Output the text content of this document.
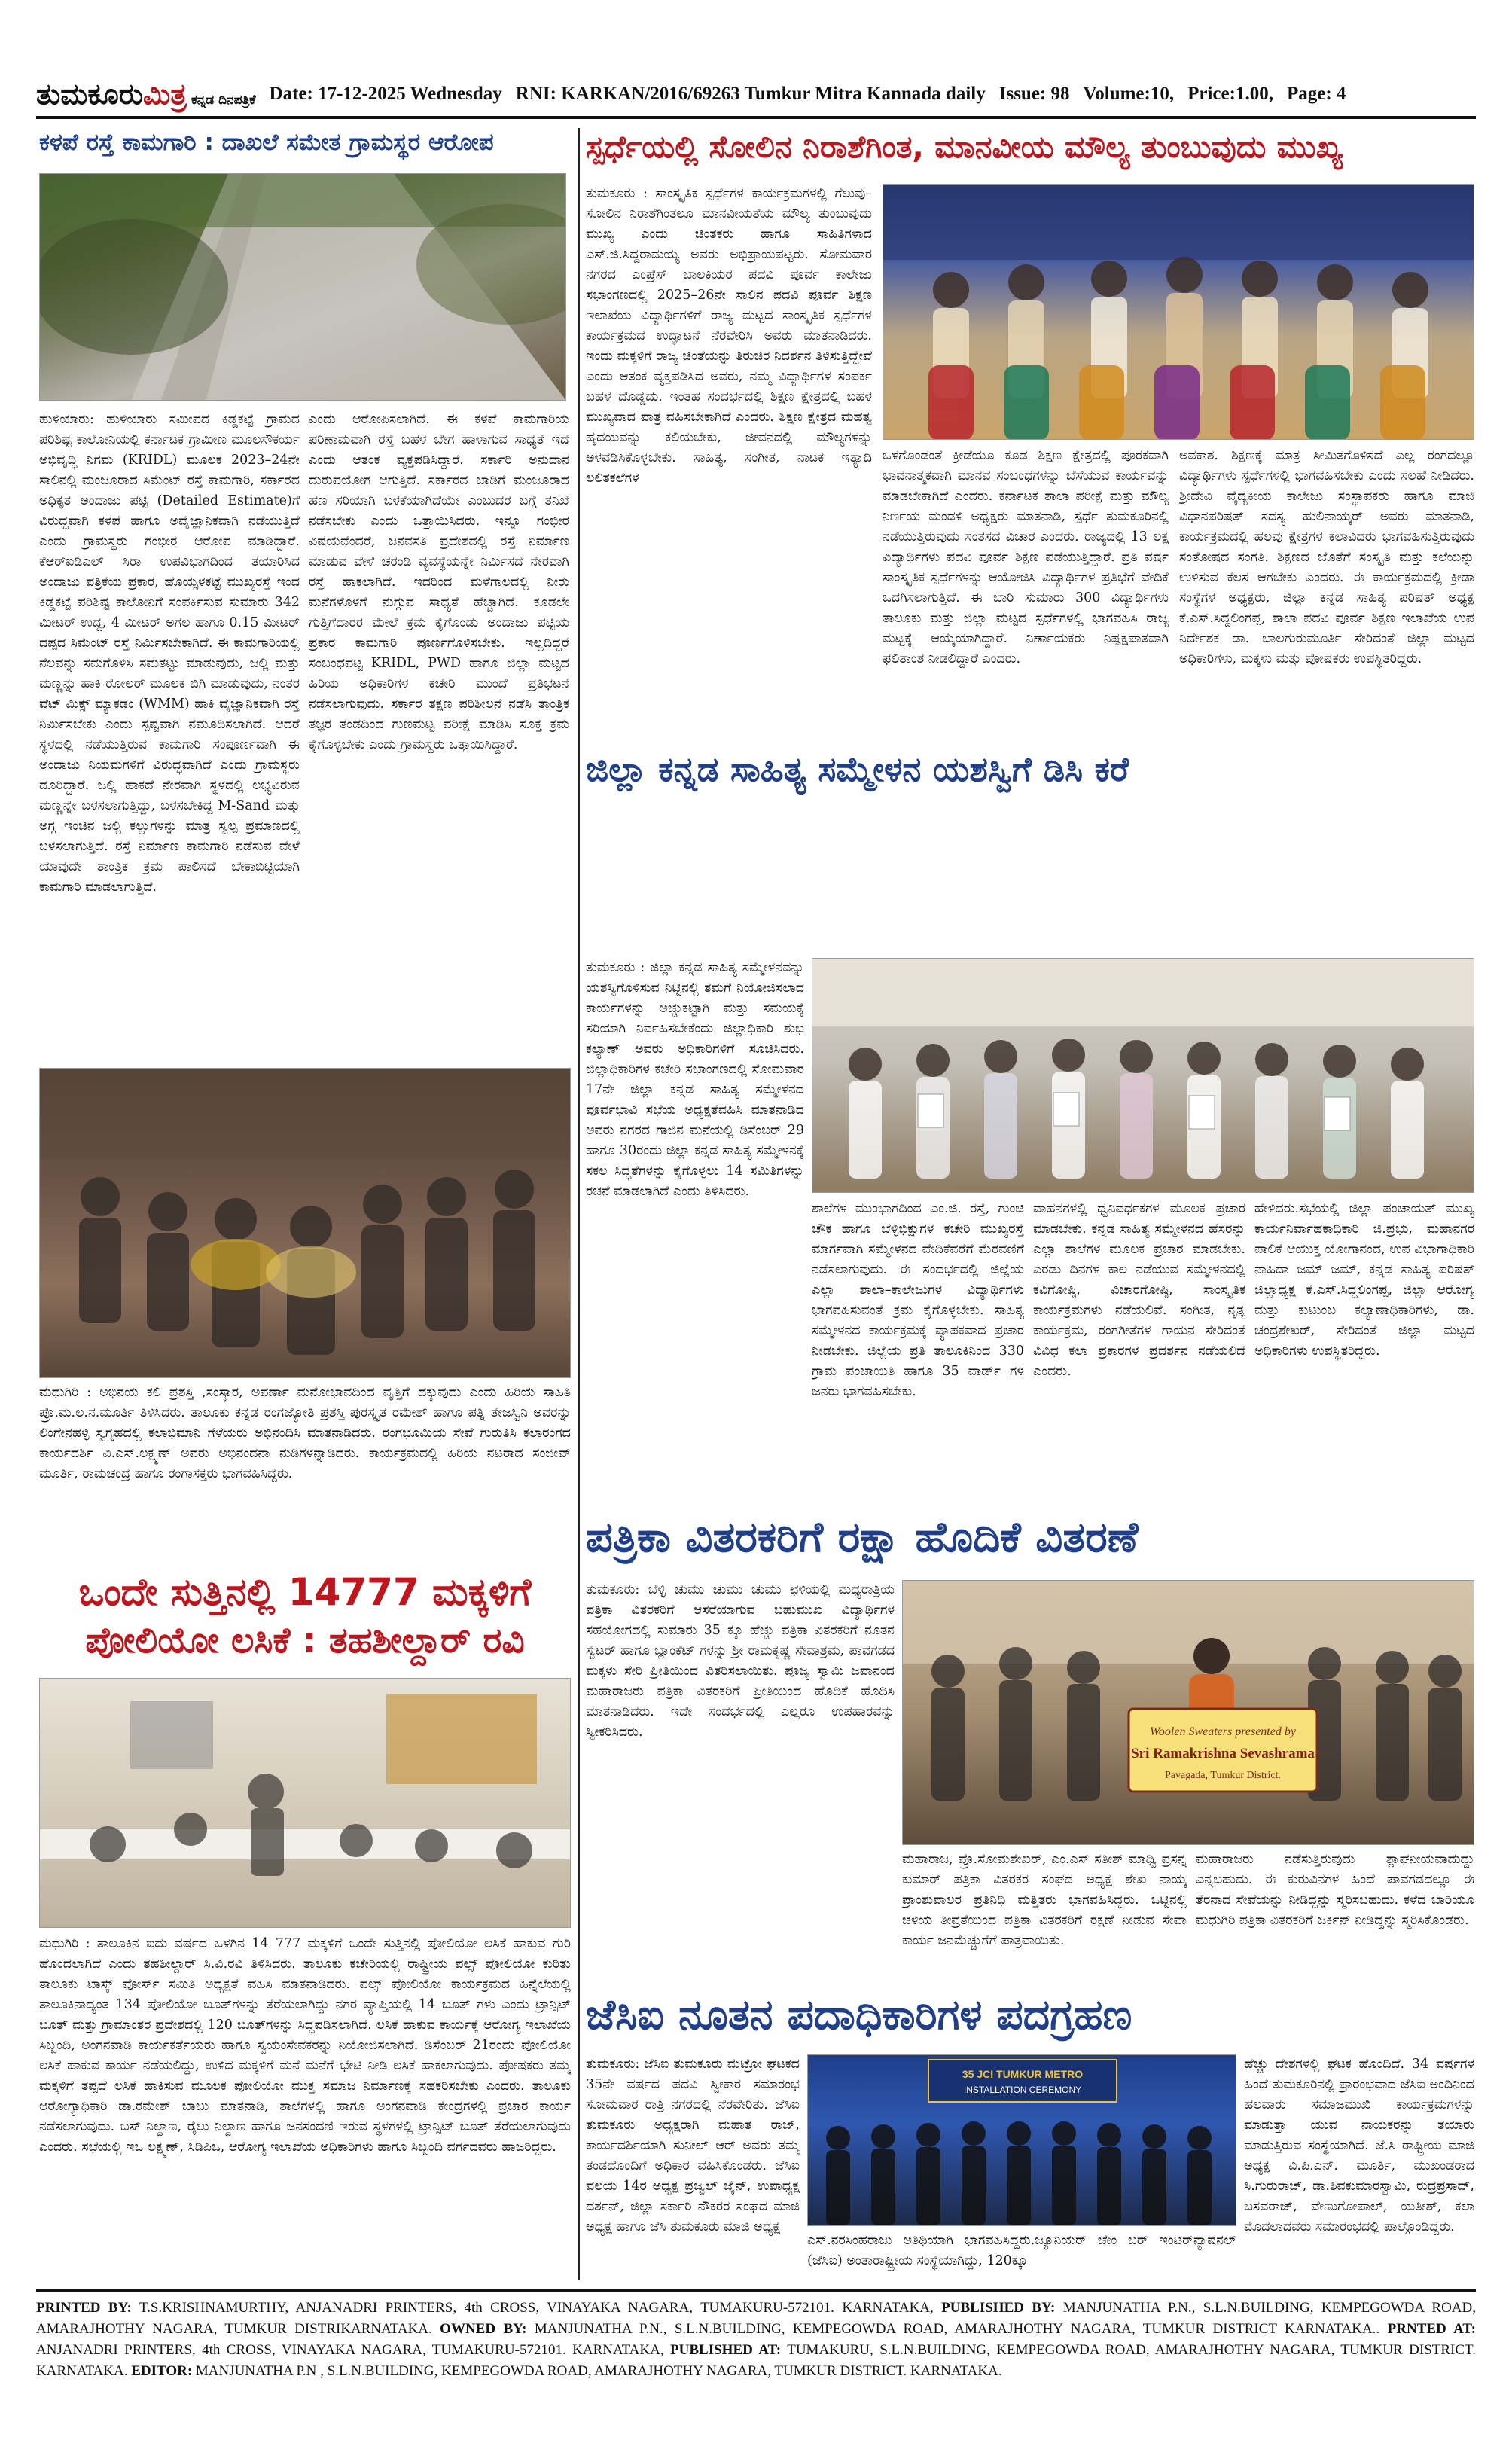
ತುಮಕೂರುಮಿತ್ರ ಕನ್ನಡ ದಿನಪತ್ರಿಕೆ Date: 17-12-2025 Wednesday RNI: KARKAN/2016/69263 Tumkur Mitra Kannada daily Issue: 98 Volume:10, Price:1.00, Page: 4
ಕಳಪೆ ರಸ್ತೆ ಕಾಮಗಾರಿ : ದಾಖಲೆ ಸಮೇತ ಗ್ರಾಮಸ್ಥರ ಆರೋಪ
ಹುಳಿಯಾರು: ಹುಳಿಯಾರು ಸಮೀಪದ ಕಿಡ್ಡಕಟ್ಟೆ ಗ್ರಾಮದ ಪರಿಶಿಷ್ಟ ಕಾಲೋನಿಯಲ್ಲಿ ಕರ್ನಾಟಕ ಗ್ರಾಮೀಣ ಮೂಲಸೌಕರ್ಯ ಅಭಿವೃದ್ಧಿ ನಿಗಮ (KRIDL) ಮೂಲಕ 2023–24ನೇ ಸಾಲಿನಲ್ಲಿ ಮಂಜೂರಾದ ಸಿಮೆಂಟ್ ರಸ್ತೆ ಕಾಮಗಾರಿ, ಸರ್ಕಾರದ ಅಧಿಕೃತ ಅಂದಾಜು ಪಟ್ಟಿ (Detailed Estimate)ಗೆ ವಿರುದ್ಧವಾಗಿ ಕಳಪೆ ಹಾಗೂ ಅವೈಜ್ಞಾನಿಕವಾಗಿ ನಡೆಯುತ್ತಿದೆ ಎಂದು ಗ್ರಾಮಸ್ಥರು ಗಂಭೀರ ಆರೋಪ ಮಾಡಿದ್ದಾರೆ. ಕೆಆರ್‌ಐಡಿಎಲ್ ಸಿರಾ ಉಪವಿಭಾಗದಿಂದ ತಯಾರಿಸಿದ ಅಂದಾಜು ಪತ್ರಿಕೆಯ ಪ್ರಕಾರ, ಹೊಯ್ಸಳಕಟ್ಟೆ ಮುಖ್ಯರಸ್ತೆ ಇಂದ ಕಿಡ್ಡಕಟ್ಟೆ ಪರಿಶಿಷ್ಟ ಕಾಲೋನಿಗೆ ಸಂಪರ್ಕಿಸುವ ಸುಮಾರು 342 ಮೀಟರ್ ಉದ್ದ, 4 ಮೀಟರ್ ಅಗಲ ಹಾಗೂ 0.15 ಮೀಟರ್ ದಪ್ಪದ ಸಿಮೆಂಟ್ ರಸ್ತೆ ನಿರ್ಮಿಸಬೇಕಾಗಿದೆ. ಈ ಕಾಮಗಾರಿಯಲ್ಲಿ ನೆಲವನ್ನು ಸಮಗೊಳಿಸಿ ಸಮತಟ್ಟು ಮಾಡುವುದು, ಜಲ್ಲಿ ಮತ್ತು ಮಣ್ಣನ್ನು ಹಾಕಿ ರೋಲರ್ ಮೂಲಕ ಬಿಗಿ ಮಾಡುವುದು, ನಂತರ ವೆಟ್ ಮಿಕ್ಸ್ ಮ್ಯಾಕಡಂ (WMM) ಹಾಕಿ ವೈಜ್ಞಾನಿಕವಾಗಿ ರಸ್ತೆ ನಿರ್ಮಿಸಬೇಕು ಎಂದು ಸ್ಪಷ್ಟವಾಗಿ ನಮೂದಿಸಲಾಗಿದೆ. ಆದರೆ ಸ್ಥಳದಲ್ಲಿ ನಡೆಯುತ್ತಿರುವ ಕಾಮಗಾರಿ ಸಂಪೂರ್ಣವಾಗಿ ಈ ಅಂದಾಜು ನಿಯಮಗಳಿಗೆ ವಿರುದ್ಧವಾಗಿದೆ ಎಂದು ಗ್ರಾಮಸ್ಥರು ದೂರಿದ್ದಾರೆ. ಜಲ್ಲಿ ಹಾಕದೆ ನೇರವಾಗಿ ಸ್ಥಳದಲ್ಲಿ ಲಭ್ಯವಿರುವ ಮಣ್ಣನ್ನೇ ಬಳಸಲಾಗುತ್ತಿದ್ದು, ಬಳಸಬೇಕಿದ್ದ M-Sand ಮತ್ತು ಅಗ್ಗ ಇಂಚಿನ ಜಲ್ಲಿ ಕಲ್ಲುಗಳನ್ನು ಮಾತ್ರ ಸ್ವಲ್ಪ ಪ್ರಮಾಣದಲ್ಲಿ ಬಳಸಲಾಗುತ್ತಿದೆ. ರಸ್ತೆ ನಿರ್ಮಾಣ ಕಾಮಗಾರಿ ನಡೆಸುವ ವೇಳೆ ಯಾವುದೇ ತಾಂತ್ರಿಕ ಕ್ರಮ ಪಾಲಿಸದೆ ಬೇಕಾಬಿಟ್ಟಿಯಾಗಿ ಕಾಮಗಾರಿ ಮಾಡಲಾಗುತ್ತಿದೆ.
ಎಂದು ಆರೋಪಿಸಲಾಗಿದೆ. ಈ ಕಳಪೆ ಕಾಮಗಾರಿಯ ಪರಿಣಾಮವಾಗಿ ರಸ್ತೆ ಬಹಳ ಬೇಗ ಹಾಳಾಗುವ ಸಾಧ್ಯತೆ ಇದೆ ಎಂದು ಆತಂಕ ವ್ಯಕ್ತಪಡಿಸಿದ್ದಾರೆ. ಸರ್ಕಾರಿ ಅನುದಾನ ದುರುಪಯೋಗ ಆಗುತ್ತಿದೆ. ಸರ್ಕಾರದ ಬಾಡಿಗೆ ಮಂಜೂರಾದ ಹಣ ಸರಿಯಾಗಿ ಬಳಕೆಯಾಗಿದೆಯೇ ಎಂಬುದರ ಬಗ್ಗೆ ತನಿಖೆ ನಡೆಸಬೇಕು ಎಂದು ಒತ್ತಾಯಿಸಿದರು. ಇನ್ನೂ ಗಂಭೀರ ವಿಷಯವೆಂದರೆ, ಜನವಸತಿ ಪ್ರದೇಶದಲ್ಲಿ ರಸ್ತೆ ನಿರ್ಮಾಣ ಮಾಡುವ ವೇಳೆ ಚರಂಡಿ ವ್ಯವಸ್ಥೆಯನ್ನೇ ನಿರ್ಮಿಸದೆ ನೇರವಾಗಿ ರಸ್ತೆ ಹಾಕಲಾಗಿದೆ. ಇದರಿಂದ ಮಳೆಗಾಲದಲ್ಲಿ ನೀರು ಮನೆಗಳೊಳಗೆ ನುಗ್ಗುವ ಸಾಧ್ಯತೆ ಹೆಚ್ಚಾಗಿದೆ. ಕೂಡಲೇ ಗುತ್ತಿಗೆದಾರರ ಮೇಲೆ ಕ್ರಮ ಕೈಗೊಂಡು ಅಂದಾಜು ಪಟ್ಟಿಯ ಪ್ರಕಾರ ಕಾಮಗಾರಿ ಪೂರ್ಣಗೊಳಿಸಬೇಕು. ಇಲ್ಲದಿದ್ದರೆ ಸಂಬಂಧಪಟ್ಟ KRIDL, PWD ಹಾಗೂ ಜಿಲ್ಲಾ ಮಟ್ಟದ ಹಿರಿಯ ಅಧಿಕಾರಿಗಳ ಕಚೇರಿ ಮುಂದೆ ಪ್ರತಿಭಟನೆ ನಡೆಸಲಾಗುವುದು. ಸರ್ಕಾರ ತಕ್ಷಣ ಪರಿಶೀಲನೆ ನಡೆಸಿ ತಾಂತ್ರಿಕ ತಜ್ಞರ ತಂಡದಿಂದ ಗುಣಮಟ್ಟ ಪರೀಕ್ಷೆ ಮಾಡಿಸಿ ಸೂಕ್ತ ಕ್ರಮ ಕೈಗೊಳ್ಳಬೇಕು ಎಂದು ಗ್ರಾಮಸ್ಥರು ಒತ್ತಾಯಿಸಿದ್ದಾರೆ.
ಮಧುಗಿರಿ : ಅಭಿನಯ ಕಲಿ ಪ್ರಶಸ್ತಿ ,ಸಂಸ್ಕಾರ, ಅಪರ್ಣಾ ಮನೋಭಾವದಿಂದ ವೃತ್ತಿಗೆ ದಕ್ಕುವುದು ಎಂದು ಹಿರಿಯ ಸಾಹಿತಿ ಪ್ರೊ.ಮ.ಲ.ನ.ಮೂರ್ತಿ ತಿಳಿಸಿದರು. ತಾಲೂಕು ಕನ್ನಡ ರಂಗಜ್ಯೋತಿ ಪ್ರಶಸ್ತಿ ಪುರಸ್ಕೃತ ರಮೇಶ್ ಹಾಗೂ ಪತ್ನಿ ತೇಜಸ್ವಿನಿ ಅವರನ್ನು ಲಿಂಗೇನಹಳ್ಳಿ ಸ್ವಗೃಹದಲ್ಲಿ ಕಲಾಭಿಮಾನಿ ಗೆಳೆಯರು ಅಭಿನಂದಿಸಿ ಮಾತನಾಡಿದರು. ರಂಗಭೂಮಿಯ ಸೇವೆ ಗುರುತಿಸಿ ಕಲಾರಂಗದ ಕಾರ್ಯದರ್ಶಿ ವಿ.ಎಸ್.ಲಕ್ಷ್ಮಣ್ ಅವರು ಅಭಿನಂದನಾ ನುಡಿಗಳನ್ನಾಡಿದರು. ಕಾರ್ಯಕ್ರಮದಲ್ಲಿ ಹಿರಿಯ ನಟರಾದ ಸಂಜೀವ್ ಮೂರ್ತಿ, ರಾಮಚಂದ್ರ ಹಾಗೂ ರಂಗಾಸಕ್ತರು ಭಾಗವಹಿಸಿದ್ದರು.
ಒಂದೇ ಸುತ್ತಿನಲ್ಲಿ 14777 ಮಕ್ಕಳಿಗೆ
ಪೋಲಿಯೋ ಲಸಿಕೆ : ತಹಶೀಲ್ದಾರ್ ರವಿ
ಮಧುಗಿರಿ : ತಾಲೂಕಿನ ಐದು ವರ್ಷದ ಒಳಗಿನ 14 777 ಮಕ್ಕಳಿಗೆ ಒಂದೇ ಸುತ್ತಿನಲ್ಲಿ ಪೋಲಿಯೋ ಲಸಿಕೆ ಹಾಕುವ ಗುರಿ ಹೊಂದಲಾಗಿದೆ ಎಂದು ತಹಶೀಲ್ದಾರ್ ಸಿ.ವಿ.ರವಿ ತಿಳಿಸಿದರು. ತಾಲೂಕು ಕಚೇರಿಯಲ್ಲಿ ರಾಷ್ಟ್ರೀಯ ಪಲ್ಸ್ ಪೋಲಿಯೋ ಕುರಿತು ತಾಲೂಕು ಟಾಸ್ಕ್ ಫೋರ್ಸ್ ಸಮಿತಿ ಅಧ್ಯಕ್ಷತೆ ವಹಿಸಿ ಮಾತನಾಡಿದರು. ಪಲ್ಸ್ ಪೋಲಿಯೋ ಕಾರ್ಯಕ್ರಮದ ಹಿನ್ನೆಲೆಯಲ್ಲಿ ತಾಲೂಕಿನಾದ್ಯಂತ 134 ಪೋಲಿಯೋ ಬೂತ್‌ಗಳನ್ನು ತೆರೆಯಲಾಗಿದ್ದು ನಗರ ವ್ಯಾಪ್ತಿಯಲ್ಲಿ 14 ಬೂತ್ ಗಳು ಎಂದು ಟ್ರಾನ್ಸಿಟ್ ಬೂತ್ ಮತ್ತು ಗ್ರಾಮಾಂತರ ಪ್ರದೇಶದಲ್ಲಿ 120 ಬೂತ್‌ಗಳನ್ನು ಸಿದ್ಧಪಡಿಸಲಾಗಿದೆ. ಲಸಿಕೆ ಹಾಕುವ ಕಾರ್ಯಕ್ಕೆ ಆರೋಗ್ಯ ಇಲಾಖೆಯ ಸಿಬ್ಬಂದಿ, ಅಂಗನವಾಡಿ ಕಾರ್ಯಕರ್ತೆಯರು ಹಾಗೂ ಸ್ವಯಂಸೇವಕರನ್ನು ನಿಯೋಜಿಸಲಾಗಿದೆ. ಡಿಸೆಂಬರ್ 21ರಂದು ಪೋಲಿಯೋ ಲಸಿಕೆ ಹಾಕುವ ಕಾರ್ಯ ನಡೆಯಲಿದ್ದು, ಉಳಿದ ಮಕ್ಕಳಿಗೆ ಮನೆ ಮನೆಗೆ ಭೇಟಿ ನೀಡಿ ಲಸಿಕೆ ಹಾಕಲಾಗುವುದು. ಪೋಷಕರು ತಮ್ಮ ಮಕ್ಕಳಿಗೆ ತಪ್ಪದೆ ಲಸಿಕೆ ಹಾಕಿಸುವ ಮೂಲಕ ಪೋಲಿಯೋ ಮುಕ್ತ ಸಮಾಜ ನಿರ್ಮಾಣಕ್ಕೆ ಸಹಕರಿಸಬೇಕು ಎಂದರು. ತಾಲೂಕು ಆರೋಗ್ಯಾಧಿಕಾರಿ ಡಾ.ರಮೇಶ್ ಬಾಬು ಮಾತನಾಡಿ, ಶಾಲೆಗಳಲ್ಲಿ ಹಾಗೂ ಅಂಗನವಾಡಿ ಕೇಂದ್ರಗಳಲ್ಲಿ ಪ್ರಚಾರ ಕಾರ್ಯ ನಡೆಸಲಾಗುವುದು. ಬಸ್ ನಿಲ್ದಾಣ, ರೈಲು ನಿಲ್ದಾಣ ಹಾಗೂ ಜನಸಂದಣಿ ಇರುವ ಸ್ಥಳಗಳಲ್ಲಿ ಟ್ರಾನ್ಸಿಟ್ ಬೂತ್ ತೆರೆಯಲಾಗುವುದು ಎಂದರು. ಸಭೆಯಲ್ಲಿ ಇಒ ಲಕ್ಷ್ಮಣ್, ಸಿಡಿಪಿಒ, ಆರೋಗ್ಯ ಇಲಾಖೆಯ ಅಧಿಕಾರಿಗಳು ಹಾಗೂ ಸಿಬ್ಬಂದಿ ವರ್ಗದವರು ಹಾಜರಿದ್ದರು.
ಸ್ಪರ್ಧೆಯಲ್ಲಿ ಸೋಲಿನ ನಿರಾಶೆಗಿಂತ, ಮಾನವೀಯ ಮೌಲ್ಯ ತುಂಬುವುದು ಮುಖ್ಯ
ತುಮಕೂರು : ಸಾಂಸ್ಕೃತಿಕ ಸ್ಪರ್ಧೆಗಳ ಕಾರ್ಯಕ್ರಮಗಳಲ್ಲಿ ಗೆಲುವು–ಸೋಲಿನ ನಿರಾಶೆಗಿಂತಲೂ ಮಾನವೀಯತೆಯ ಮೌಲ್ಯ ತುಂಬುವುದು ಮುಖ್ಯ ಎಂದು ಚಿಂತಕರು ಹಾಗೂ ಸಾಹಿತಿಗಳಾದ ಎಸ್.ಜಿ.ಸಿದ್ದರಾಮಯ್ಯ ಅವರು ಅಭಿಪ್ರಾಯಪಟ್ಟರು. ಸೋಮವಾರ ನಗರದ ಎಂಪ್ರೆಸ್ ಬಾಲಕಿಯರ ಪದವಿ ಪೂರ್ವ ಕಾಲೇಜು ಸಭಾಂಗಣದಲ್ಲಿ 2025–26ನೇ ಸಾಲಿನ ಪದವಿ ಪೂರ್ವ ಶಿಕ್ಷಣ ಇಲಾಖೆಯ ವಿದ್ಯಾರ್ಥಿಗಳಿಗೆ ರಾಜ್ಯ ಮಟ್ಟದ ಸಾಂಸ್ಕೃತಿಕ ಸ್ಪರ್ಧೆಗಳ ಕಾರ್ಯಕ್ರಮದ ಉದ್ಘಾಟನೆ ನೆರವೇರಿಸಿ ಅವರು ಮಾತನಾಡಿದರು. ಇಂದು ಮಕ್ಕಳಿಗೆ ರಾಜ್ಯ ಚಿಂತೆಯನ್ನು ತಿರುಚಿರ ನಿದರ್ಶನ ತಿಳಿಸುತ್ತಿದ್ದೇವೆ ಎಂದು ಆತಂಕ ವ್ಯಕ್ತಪಡಿಸಿದ ಅವರು, ನಮ್ಮ ವಿದ್ಯಾರ್ಥಿಗಳ ಸಂಪರ್ಕ ಬಹಳ ದೊಡ್ಡದು. ಇಂತಹ ಸಂದರ್ಭದಲ್ಲಿ ಶಿಕ್ಷಣ ಕ್ಷೇತ್ರದಲ್ಲಿ ಬಹಳ ಮುಖ್ಯವಾದ ಪಾತ್ರ ವಹಿಸಬೇಕಾಗಿದೆ ಎಂದರು. ಶಿಕ್ಷಣ ಕ್ಷೇತ್ರದ ಮಹತ್ವ ಹೃದಯವನ್ನು ಕಲಿಯಬೇಕು, ಜೀವನದಲ್ಲಿ ಮೌಲ್ಯಗಳನ್ನು ಅಳವಡಿಸಿಕೊಳ್ಳಬೇಕು. ಸಾಹಿತ್ಯ, ಸಂಗೀತ, ನಾಟಕ ಇತ್ಯಾದಿ ಲಲಿತಕಲೆಗಳ
ಒಳಗೊಂಡಂತೆ ಕ್ರೀಡೆಯೂ ಕೂಡ ಶಿಕ್ಷಣ ಕ್ಷೇತ್ರದಲ್ಲಿ ಪೂರಕವಾಗಿ ಭಾವನಾತ್ಮಕವಾಗಿ ಮಾನವ ಸಂಬಂಧಗಳನ್ನು ಬೆಸೆಯುವ ಕಾರ್ಯವನ್ನು ಮಾಡಬೇಕಾಗಿದೆ ಎಂದರು. ಕರ್ನಾಟಕ ಶಾಲಾ ಪರೀಕ್ಷೆ ಮತ್ತು ಮೌಲ್ಯ ನಿರ್ಣಯ ಮಂಡಳಿ ಅಧ್ಯಕ್ಷರು ಮಾತನಾಡಿ, ಸ್ಪರ್ಧೆ ತುಮಕೂರಿನಲ್ಲಿ ನಡೆಯುತ್ತಿರುವುದು ಸಂತಸದ ವಿಚಾರ ಎಂದರು. ರಾಜ್ಯದಲ್ಲಿ 13 ಲಕ್ಷ ವಿದ್ಯಾರ್ಥಿಗಳು ಪದವಿ ಪೂರ್ವ ಶಿಕ್ಷಣ ಪಡೆಯುತ್ತಿದ್ದಾರೆ. ಪ್ರತಿ ವರ್ಷ ಸಾಂಸ್ಕೃತಿಕ ಸ್ಪರ್ಧೆಗಳನ್ನು ಆಯೋಜಿಸಿ ವಿದ್ಯಾರ್ಥಿಗಳ ಪ್ರತಿಭೆಗೆ ವೇದಿಕೆ ಒದಗಿಸಲಾಗುತ್ತಿದೆ. ಈ ಬಾರಿ ಸುಮಾರು 300 ವಿದ್ಯಾರ್ಥಿಗಳು ತಾಲೂಕು ಮತ್ತು ಜಿಲ್ಲಾ ಮಟ್ಟದ ಸ್ಪರ್ಧೆಗಳಲ್ಲಿ ಭಾಗವಹಿಸಿ ರಾಜ್ಯ ಮಟ್ಟಕ್ಕೆ ಆಯ್ಕೆಯಾಗಿದ್ದಾರೆ. ನಿರ್ಣಾಯಕರು ನಿಷ್ಪಕ್ಷಪಾತವಾಗಿ ಫಲಿತಾಂಶ ನೀಡಲಿದ್ದಾರೆ ಎಂದರು.
ಅವಕಾಶ. ಶಿಕ್ಷಣಕ್ಕೆ ಮಾತ್ರ ಸೀಮಿತಗೊಳಿಸದೆ ಎಲ್ಲ ರಂಗದಲ್ಲೂ ವಿದ್ಯಾರ್ಥಿಗಳು ಸ್ಪರ್ಧೆಗಳಲ್ಲಿ ಭಾಗವಹಿಸಬೇಕು ಎಂದು ಸಲಹೆ ನೀಡಿದರು. ಶ್ರೀದೇವಿ ವೈದ್ಯಕೀಯ ಕಾಲೇಜು ಸಂಸ್ಥಾಪಕರು ಹಾಗೂ ಮಾಜಿ ವಿಧಾನಪರಿಷತ್ ಸದಸ್ಯ ಹುಲಿನಾಯ್ಕರ್ ಅವರು ಮಾತನಾಡಿ, ಕಾರ್ಯಕ್ರಮದಲ್ಲಿ ಹಲವು ಕ್ಷೇತ್ರಗಳ ಕಲಾವಿದರು ಭಾಗವಹಿಸುತ್ತಿರುವುದು ಸಂತೋಷದ ಸಂಗತಿ. ಶಿಕ್ಷಣದ ಜೊತೆಗೆ ಸಂಸ್ಕೃತಿ ಮತ್ತು ಕಲೆಯನ್ನು ಉಳಿಸುವ ಕೆಲಸ ಆಗಬೇಕು ಎಂದರು. ಈ ಕಾರ್ಯಕ್ರಮದಲ್ಲಿ ಕ್ರೀಡಾ ಸಂಸ್ಥೆಗಳ ಅಧ್ಯಕ್ಷರು, ಜಿಲ್ಲಾ ಕನ್ನಡ ಸಾಹಿತ್ಯ ಪರಿಷತ್ ಅಧ್ಯಕ್ಷ ಕೆ.ಎಸ್.ಸಿದ್ದಲಿಂಗಪ್ಪ, ಶಾಲಾ ಪದವಿ ಪೂರ್ವ ಶಿಕ್ಷಣ ಇಲಾಖೆಯ ಉಪ ನಿರ್ದೇಶಕ ಡಾ. ಬಾಲಗುರುಮೂರ್ತಿ ಸೇರಿದಂತೆ ಜಿಲ್ಲಾ ಮಟ್ಟದ ಅಧಿಕಾರಿಗಳು, ಮಕ್ಕಳು ಮತ್ತು ಪೋಷಕರು ಉಪಸ್ಥಿತರಿದ್ದರು.
ಜಿಲ್ಲಾ ಕನ್ನಡ ಸಾಹಿತ್ಯ ಸಮ್ಮೇಳನ ಯಶಸ್ವಿಗೆ ಡಿಸಿ ಕರೆ
ತುಮಕೂರು : ಜಿಲ್ಲಾ ಕನ್ನಡ ಸಾಹಿತ್ಯ ಸಮ್ಮೇಳನವನ್ನು ಯಶಸ್ವಿಗೊಳಿಸುವ ನಿಟ್ಟಿನಲ್ಲಿ ತಮಗೆ ನಿಯೋಜಿಸಲಾದ ಕಾರ್ಯಗಳನ್ನು ಅಚ್ಚುಕಟ್ಟಾಗಿ ಮತ್ತು ಸಮಯಕ್ಕೆ ಸರಿಯಾಗಿ ನಿರ್ವಹಿಸಬೇಕೆಂದು ಜಿಲ್ಲಾಧಿಕಾರಿ ಶುಭ ಕಲ್ಯಾಣ್ ಅವರು ಅಧಿಕಾರಿಗಳಿಗೆ ಸೂಚಿಸಿದರು. ಜಿಲ್ಲಾಧಿಕಾರಿಗಳ ಕಚೇರಿ ಸಭಾಂಗಣದಲ್ಲಿ ಸೋಮವಾರ 17ನೇ ಜಿಲ್ಲಾ ಕನ್ನಡ ಸಾಹಿತ್ಯ ಸಮ್ಮೇಳನದ ಪೂರ್ವಭಾವಿ ಸಭೆಯ ಅಧ್ಯಕ್ಷತೆವಹಿಸಿ ಮಾತನಾಡಿದ ಅವರು ನಗರದ ಗಾಜಿನ ಮನೆಯಲ್ಲಿ ಡಿಸೆಂಬರ್ 29 ಹಾಗೂ 30ರಂದು ಜಿಲ್ಲಾ ಕನ್ನಡ ಸಾಹಿತ್ಯ ಸಮ್ಮೇಳನಕ್ಕೆ ಸಕಲ ಸಿದ್ಧತೆಗಳನ್ನು ಕೈಗೊಳ್ಳಲು 14 ಸಮಿತಿಗಳನ್ನು ರಚನೆ ಮಾಡಲಾಗಿದೆ ಎಂದು ತಿಳಿಸಿದರು.
ಶಾಲೆಗಳ ಮುಂಭಾಗದಿಂದ ಎಂ.ಜಿ. ರಸ್ತೆ, ಗುಂಚಿ ಚೌಕ ಹಾಗೂ ಬೆಳ್ಳಿಭಿಕ್ಷುಗಳ ಕಚೇರಿ ಮುಖ್ಯರಸ್ತೆ ಮಾರ್ಗವಾಗಿ ಸಮ್ಮೇಳನದ ವೇದಿಕೆವರೆಗೆ ಮೆರವಣಿಗೆ ನಡೆಸಲಾಗುವುದು. ಈ ಸಂದರ್ಭದಲ್ಲಿ ಜಿಲ್ಲೆಯ ಎಲ್ಲಾ ಶಾಲಾ–ಕಾಲೇಜುಗಳ ವಿದ್ಯಾರ್ಥಿಗಳು ಭಾಗವಹಿಸುವಂತೆ ಕ್ರಮ ಕೈಗೊಳ್ಳಬೇಕು. ಸಾಹಿತ್ಯ ಸಮ್ಮೇಳನದ ಕಾರ್ಯಕ್ರಮಕ್ಕೆ ವ್ಯಾಪಕವಾದ ಪ್ರಚಾರ ನೀಡಬೇಕು. ಜಿಲ್ಲೆಯ ಪ್ರತಿ ತಾಲೂಕಿನಿಂದ 330 ಗ್ರಾಮ ಪಂಚಾಯಿತಿ ಹಾಗೂ 35 ವಾರ್ಡ್ ಗಳ ಜನರು ಭಾಗವಹಿಸಬೇಕು.
ವಾಹನಗಳಲ್ಲಿ ಧ್ವನಿವರ್ಧಕಗಳ ಮೂಲಕ ಪ್ರಚಾರ ಮಾಡಬೇಕು. ಕನ್ನಡ ಸಾಹಿತ್ಯ ಸಮ್ಮೇಳನದ ಹೆಸರನ್ನು ಎಲ್ಲಾ ಶಾಲೆಗಳ ಮೂಲಕ ಪ್ರಚಾರ ಮಾಡಬೇಕು. ಎರಡು ದಿನಗಳ ಕಾಲ ನಡೆಯುವ ಸಮ್ಮೇಳನದಲ್ಲಿ ಕವಿಗೋಷ್ಠಿ, ವಿಚಾರಗೋಷ್ಠಿ, ಸಾಂಸ್ಕೃತಿಕ ಕಾರ್ಯಕ್ರಮಗಳು ನಡೆಯಲಿವೆ. ಸಂಗೀತ, ನೃತ್ಯ ಕಾರ್ಯಕ್ರಮ, ರಂಗಗೀತೆಗಳ ಗಾಯನ ಸೇರಿದಂತೆ ವಿವಿಧ ಕಲಾ ಪ್ರಕಾರಗಳ ಪ್ರದರ್ಶನ ನಡೆಯಲಿದೆ ಎಂದರು.
ಹೇಳಿದರು.ಸಭೆಯಲ್ಲಿ ಜಿಲ್ಲಾ ಪಂಚಾಯತ್ ಮುಖ್ಯ ಕಾರ್ಯನಿರ್ವಾಹಕಾಧಿಕಾರಿ ಜಿ.ಪ್ರಭು, ಮಹಾನಗರ ಪಾಲಿಕೆ ಆಯುಕ್ತ ಯೋಗಾನಂದ, ಉಪ ವಿಭಾಗಾಧಿಕಾರಿ ನಾಹಿದಾ ಜಮ್ ಜಮ್, ಕನ್ನಡ ಸಾಹಿತ್ಯ ಪರಿಷತ್ ಜಿಲ್ಲಾಧ್ಯಕ್ಷ ಕೆ.ಎಸ್.ಸಿದ್ದಲಿಂಗಪ್ಪ, ಜಿಲ್ಲಾ ಆರೋಗ್ಯ ಮತ್ತು ಕುಟುಂಬ ಕಲ್ಯಾಣಾಧಿಕಾರಿಗಳು, ಡಾ. ಚಂದ್ರಶೇಖರ್, ಸೇರಿದಂತೆ ಜಿಲ್ಲಾ ಮಟ್ಟದ ಅಧಿಕಾರಿಗಳು ಉಪಸ್ಥಿತರಿದ್ದರು.
ಪತ್ರಿಕಾ ವಿತರಕರಿಗೆ ರಕ್ಷಾ ಹೊದಿಕೆ ವಿತರಣೆ
ತುಮಕೂರು: ಬೆಳ್ಳಿ ಚುಮು ಚುಮು ಚುಮು ಛಳಿಯಲ್ಲಿ ಮಧ್ಯರಾತ್ರಿಯ ಪತ್ರಿಕಾ ವಿತರಕರಿಗೆ ಆಸರೆಯಾಗುವ ಬಹುಮುಖ ವಿದ್ಯಾರ್ಥಿಗಳ ಸಹಯೋಗದಲ್ಲಿ ಸುಮಾರು 35 ಕ್ಕೂ ಹೆಚ್ಚು ಪತ್ರಿಕಾ ವಿತರಕರಿಗೆ ನೂತನ ಸ್ವೆಟರ್ ಹಾಗೂ ಬ್ಲಾಂಕೆಟ್ ಗಳನ್ನು ಶ್ರೀ ರಾಮಕೃಷ್ಣ ಸೇವಾಶ್ರಮ, ಪಾವಗಡದ ಮಕ್ಕಳು ಸೇರಿ ಪ್ರೀತಿಯಿಂದ ವಿತರಿಸಲಾಯಿತು. ಪೂಜ್ಯ ಸ್ವಾಮಿ ಜಪಾನಂದ ಮಹಾರಾಜರು ಪತ್ರಿಕಾ ವಿತರಕರಿಗೆ ಪ್ರೀತಿಯಿಂದ ಹೊದಿಕೆ ಹೊದಿಸಿ ಮಾತನಾಡಿದರು. ಇದೇ ಸಂದರ್ಭದಲ್ಲಿ ಎಲ್ಲರೂ ಉಪಹಾರವನ್ನು ಸ್ವೀಕರಿಸಿದರು.	Woolen Sweaters presented by
Sri Ramakrishna Sevashrama
Pavagada, Tumkur District.
ಮಹಾರಾಜ, ಪ್ರೊ.ಸೋಮಶೇಖರ್, ಎಂ.ಎಸ್ ಸತೀಶ್ ಮಾಧ್ವಿ ಪ್ರಸನ್ನ ಕುಮಾರ್ ಪತ್ರಿಕಾ ವಿತರಕರ ಸಂಘದ ಅಧ್ಯಕ್ಷ ಶೇಖ ನಾಯ್ಕ ಪ್ರಾಂಶುಪಾಲರ ಪ್ರತಿನಿಧಿ ಮತ್ತಿತರು ಭಾಗವಹಿಸಿದ್ದರು. ಒಟ್ಟಿನಲ್ಲಿ ಚಳಿಯ ತೀವ್ರತೆಯಿಂದ ಪತ್ರಿಕಾ ವಿತರಕರಿಗೆ ರಕ್ಷಣೆ ನೀಡುವ ಸೇವಾ ಕಾರ್ಯ ಜನಮೆಚ್ಚುಗೆಗೆ ಪಾತ್ರವಾಯಿತು.
ಮಹಾರಾಜರು ನಡೆಸುತ್ತಿರುವುದು ಶ್ಲಾಘನೀಯವಾದುದ್ದು ಎನ್ನಬಹುದು. ಈ ಕುರುವಿನಗಳ ಹಿಂದೆ ಪಾವಗಡದಲ್ಲೂ ಈ ತೆರನಾದ ಸೇವೆಯನ್ನು ನೀಡಿದ್ದನ್ನು ಸ್ಮರಿಸಬಹುದು. ಕಳೆದ ಬಾರಿಯೂ ಮಧುಗಿರಿ ಪತ್ರಿಕಾ ವಿತರಕರಿಗೆ ಜರ್ಕಿನ್ ನೀಡಿದ್ದನ್ನು ಸ್ಮರಿಸಿಕೊಂಡರು.
ಜೆಸಿಐ ನೂತನ ಪದಾಧಿಕಾರಿಗಳ ಪದಗ್ರಹಣ
ತುಮಕೂರು: ಜೆಸಿಐ ತುಮಕೂರು ಮೆಟ್ರೋ ಘಟಕದ 35ನೇ ವರ್ಷದ ಪದವಿ ಸ್ವೀಕಾರ ಸಮಾರಂಭ ಸೋಮವಾರ ರಾತ್ರಿ ನಗರದಲ್ಲಿ ನೆರವೇರಿತು. ಜೆಸಿಐ ತುಮಕೂರು ಅಧ್ಯಕ್ಷರಾಗಿ ಮಹಾತ ರಾಜ್, ಕಾರ್ಯದರ್ಶಿಯಾಗಿ ಸುನೀಲ್ ಆರ್ ಅವರು ತಮ್ಮ ತಂಡದೊಂದಿಗೆ ಅಧಿಕಾರ ವಹಿಸಿಕೊಂಡರು. ಜೆಸಿಐ ವಲಯ 14ರ ಅಧ್ಯಕ್ಷ ಪ್ರಜ್ವಲ್ ಜೈನ್, ಉಪಾಧ್ಯಕ್ಷ ದರ್ಶನ್, ಜಿಲ್ಲಾ ಸರ್ಕಾರಿ ನೌಕರರ ಸಂಘದ ಮಾಜಿ ಅಧ್ಯಕ್ಷ ಹಾಗೂ ಜೆಸಿ ತುಮಕೂರು ಮಾಜಿ ಅಧ್ಯಕ್ಷ
35 JCI TUMKUR METRO
INSTALLATION CEREMONY
ಎಸ್.ನರಸಿಂಹರಾಜು ಅತಿಥಿಯಾಗಿ ಭಾಗವಹಿಸಿದ್ದರು.ಜ್ಯೂನಿಯರ್ ಚೇಂ ಬರ್ ಇಂಟರ್‌ನ್ಯಾಷನಲ್ (ಜೆಸಿಐ) ಅಂತಾರಾಷ್ಟ್ರೀಯ ಸಂಸ್ಥೆಯಾಗಿದ್ದು, 120ಕ್ಕೂ
ಹೆಚ್ಚು ದೇಶಗಳಲ್ಲಿ ಘಟಕ ಹೊಂದಿದೆ. 34 ವರ್ಷಗಳ ಹಿಂದೆ ತುಮಕೂರಿನಲ್ಲಿ ಪ್ರಾರಂಭವಾದ ಜೆಸಿಐ ಅಂದಿನಿಂದ ಹಲವಾರು ಸಮಾಜಮುಖಿ ಕಾರ್ಯಕ್ರಮಗಳನ್ನು ಮಾಡುತ್ತಾ ಯುವ ನಾಯಕರನ್ನು ತಯಾರು ಮಾಡುತ್ತಿರುವ ಸಂಸ್ಥೆಯಾಗಿದೆ. ಜೆ.ಸಿ ರಾಷ್ಟ್ರೀಯ ಮಾಜಿ ಅಧ್ಯಕ್ಷ ವಿ.ಪಿ.ಎನ್. ಮೂರ್ತಿ, ಮುಖಂಡರಾದ ಸಿ.ಗುರುರಾಜ್, ಡಾ.ಶಿವಕುಮಾರಸ್ವಾಮಿ, ರುದ್ರಪ್ರಸಾದ್, ಬಸವರಾಜ್, ವೇಣುಗೋಪಾಲ್, ಯತೀಶ್, ಕಲಾ ಮೊದಲಾದವರು ಸಮಾರಂಭದಲ್ಲಿ ಪಾಲ್ಗೊಂಡಿದ್ದರು.
PRINTED BY: T.S.KRISHNAMURTHY, ANJANADRI PRINTERS, 4th CROSS, VINAYAKA NAGARA, TUMAKURU-572101. KARNATAKA, PUBLISHED BY: MANJUNATHA P.N., S.L.N.BUILDING, KEMPEGOWDA ROAD, AMARAJHOTHY NAGARA, TUMKUR DISTRIKARNATAKA. OWNED BY: MANJUNATHA P.N., S.L.N.BUILDING, KEMPEGOWDA ROAD, AMARAJHOTHY NAGARA, TUMKUR DISTRICT KARNATAKA.. PRNTED AT: ANJANADRI PRINTERS, 4th CROSS, VINAYAKA NAGARA, TUMAKURU-572101. KARNATAKA, PUBLISHED AT: TUMAKURU, S.L.N.BUILDING, KEMPEGOWDA ROAD, AMARAJHOTHY NAGARA, TUMKUR DISTRICT. KARNATAKA. EDITOR: MANJUNATHA P.N , S.L.N.BUILDING, KEMPEGOWDA ROAD, AMARAJHOTHY NAGARA, TUMKUR DISTRICT. KARNATAKA.
